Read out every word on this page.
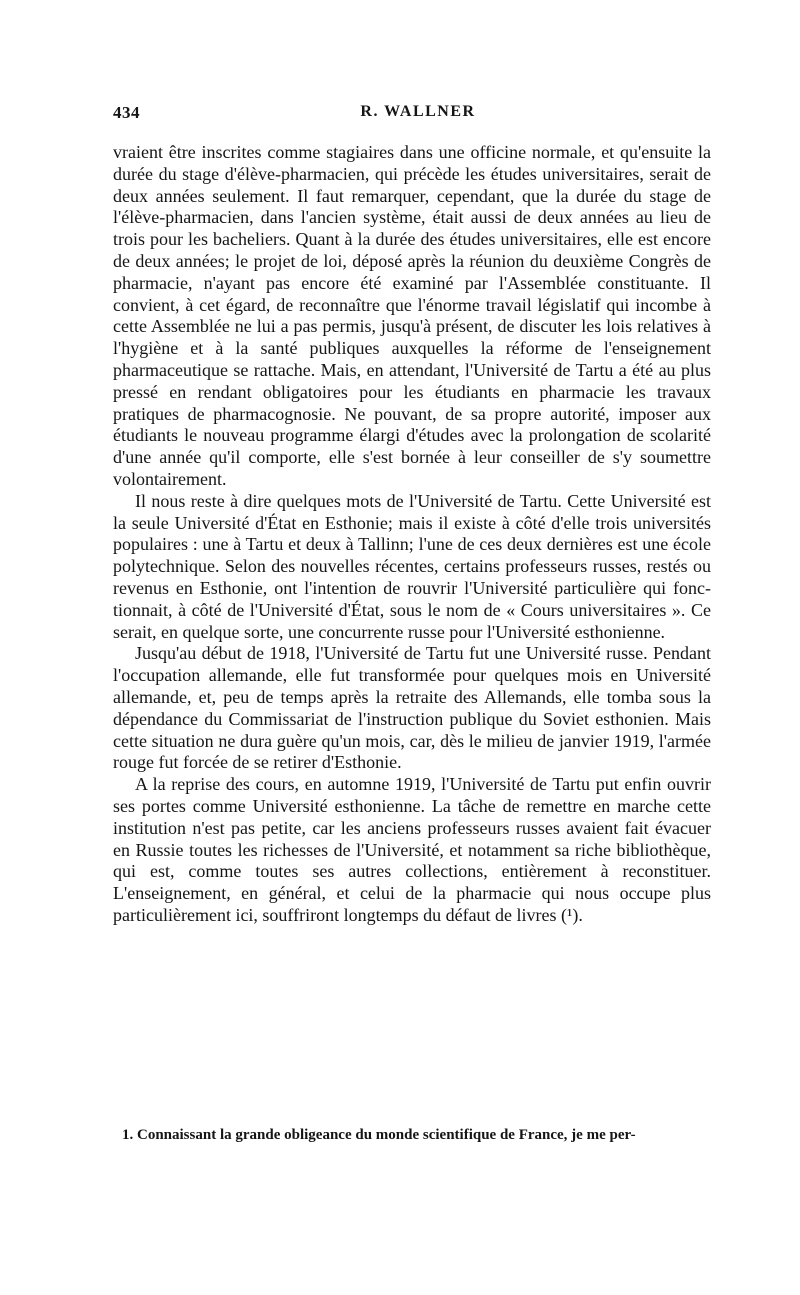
434	R. WALLNER

vraient être inscrites comme stagiaires dans une officine normale, et qu'ensuite la durée du stage d'élève-pharmacien, qui précède les études universitaires, serait de deux années seulement. Il faut remarquer, cependant, que la durée du stage de l'élève-pharmacien, dans l'ancien système, était aussi de deux années au lieu de trois pour les bacheliers. Quant à la durée des études universitaires, elle est encore de deux années; le projet de loi, déposé après la réunion du deuxième Congrès de pharmacie, n'ayant pas encore été examiné par l'Assemblée constituante. Il convient, à cet égard, de reconnaître que l'énorme travail législatif qui incombe à cette Assemblée ne lui a pas permis, jusqu'à présent, de discuter les lois relatives à l'hygiène et à la santé publiques auxquelles la réforme de l'enseignement pharmaceutique se rattache. Mais, en attendant, l'Université de Tartu a été au plus pressé en rendant obligatoires pour les étudiants en pharmacie les travaux pratiques de pharmacognosie. Ne pouvant, de sa propre autorité, imposer aux étudiants le nouveau programme élargi d'études avec la prolongation de scolarité d'une année qu'il comporte, elle s'est bornée à leur conseiller de s'y soumettre volontairement.

Il nous reste à dire quelques mots de l'Université de Tartu. Cette Université est la seule Université d'État en Esthonie; mais il existe à côté d'elle trois universités populaires : une à Tartu et deux à Tallinn; l'une de ces deux dernières est une école polytechnique. Selon des nouvelles récentes, certains professeurs russes, restés ou revenus en Esthonie, ont l'intention de rouvrir l'Université particulière qui fonctionnait, à côté de l'Université d'État, sous le nom de « Cours universitaires ». Ce serait, en quelque sorte, une concurrente russe pour l'Université esthonienne.

Jusqu'au début de 1918, l'Université de Tartu fut une Université russe. Pendant l'occupation allemande, elle fut transformée pour quelques mois en Université allemande, et, peu de temps après la retraite des Allemands, elle tomba sous la dépendance du Commissariat de l'instruction publique du Soviet esthonien. Mais cette situation ne dura guère qu'un mois, car, dès le milieu de janvier 1919, l'armée rouge fut forcée de se retirer d'Esthonie.

A la reprise des cours, en automne 1919, l'Université de Tartu put enfin ouvrir ses portes comme Université esthonienne. La tâche de remettre en marche cette institution n'est pas petite, car les anciens professeurs russes avaient fait évacuer en Russie toutes les richesses de l'Université, et notamment sa riche bibliothèque, qui est, comme toutes ses autres collections, entièrement à reconstituer. L'enseignement, en général, et celui de la pharmacie qui nous occupe plus particulièrement ici, souffriront longtemps du défaut de livres (¹).

1. Connaissant la grande obligeance du monde scientifique de France, je me per-
